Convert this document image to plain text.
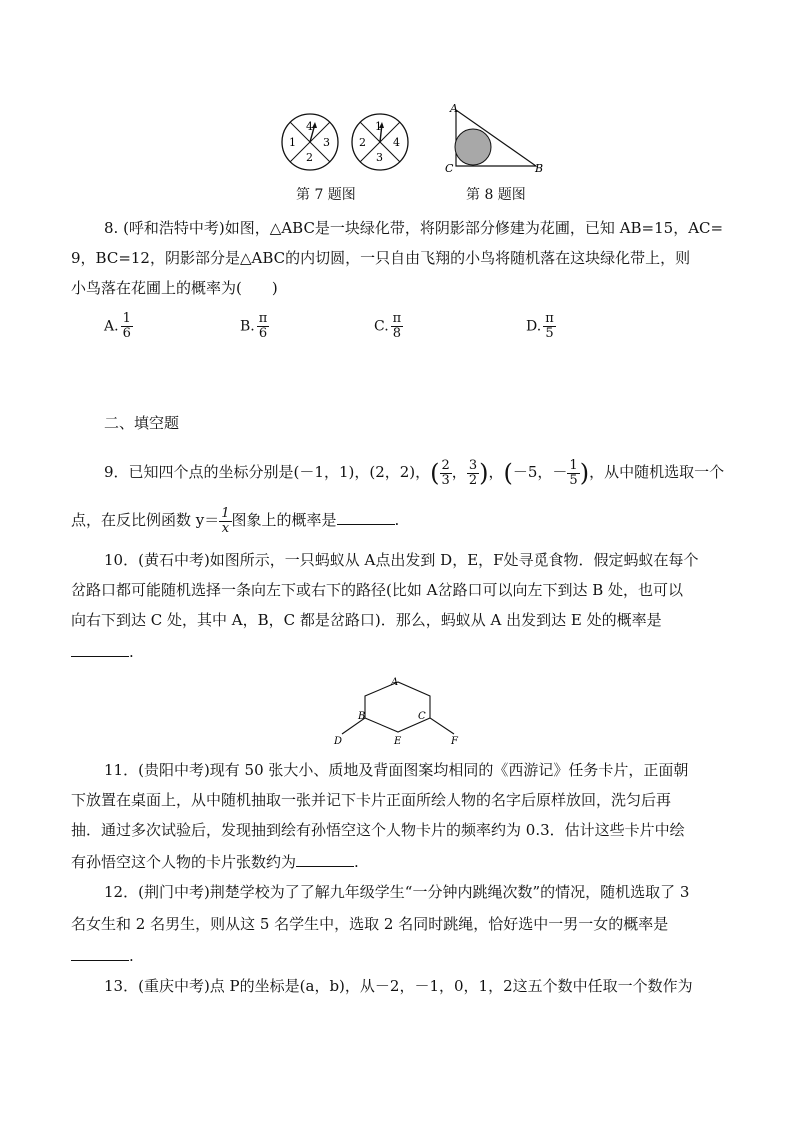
4
1
2
3
1
2
3
4
A
C	B
第 7 题图	第 8 题图
8. (呼和浩特中考)如图，△ABC是一块绿化带，将阴影部分修建为花圃，已知 AB=15，AC=
9，BC=12，阴影部分是△ABC的内切圆，一只自由飞翔的小鸟将随机落在这块绿化带上，则
小鸟落在花圃上的概率为(　　)
A. $\frac{1}{6}$	B. $\frac{\pi}{6}$	C. $\frac{\pi}{8}$	D. $\frac{\pi}{5}$
二、填空题
9．已知四个点的坐标分别是(－1，1)，(2，2)，( $\frac{2}{3}$ ， $\frac{3}{2}$ )，(－5，－ $\frac{1}{5}$ )，从中随机选取一个
点，在反比例函数 $y= \frac{1}{x}$ 图象上的概率是	.
10．(黄石中考)如图所示，一只蚂蚁从 A点出发到 D，E，F处寻觅食物．假定蚂蚁在每个
岔路口都可能随机选择一条向左下或右下的路径(比如 A岔路口可以向左下到达 B 处，也可以
向右下到达 C 处，其中 A，B，C 都是岔路口)．那么，蚂蚁从 A 出发到达 E 处的概率是
.
A
B	C
D	E	F
11．(贵阳中考)现有 50 张大小、质地及背面图案均相同的《西游记》任务卡片，正面朝
下放置在桌面上，从中随机抽取一张并记下卡片正面所绘人物的名字后原样放回，洗匀后再
抽．通过多次试验后，发现抽到绘有孙悟空这个人物卡片的频率约为 0.3．估计这些卡片中绘
有孙悟空这个人物的卡片张数约为	.
12．(荆门中考)荆楚学校为了了解九年级学生“一分钟内跳绳次数”的情况，随机选取了 3
名女生和 2 名男生，则从这 5 名学生中，选取 2 名同时跳绳，恰好选中一男一女的概率是
.
13．(重庆中考)点 P的坐标是(a，b)，从－2，－1，0，1，2这五个数中任取一个数作为
